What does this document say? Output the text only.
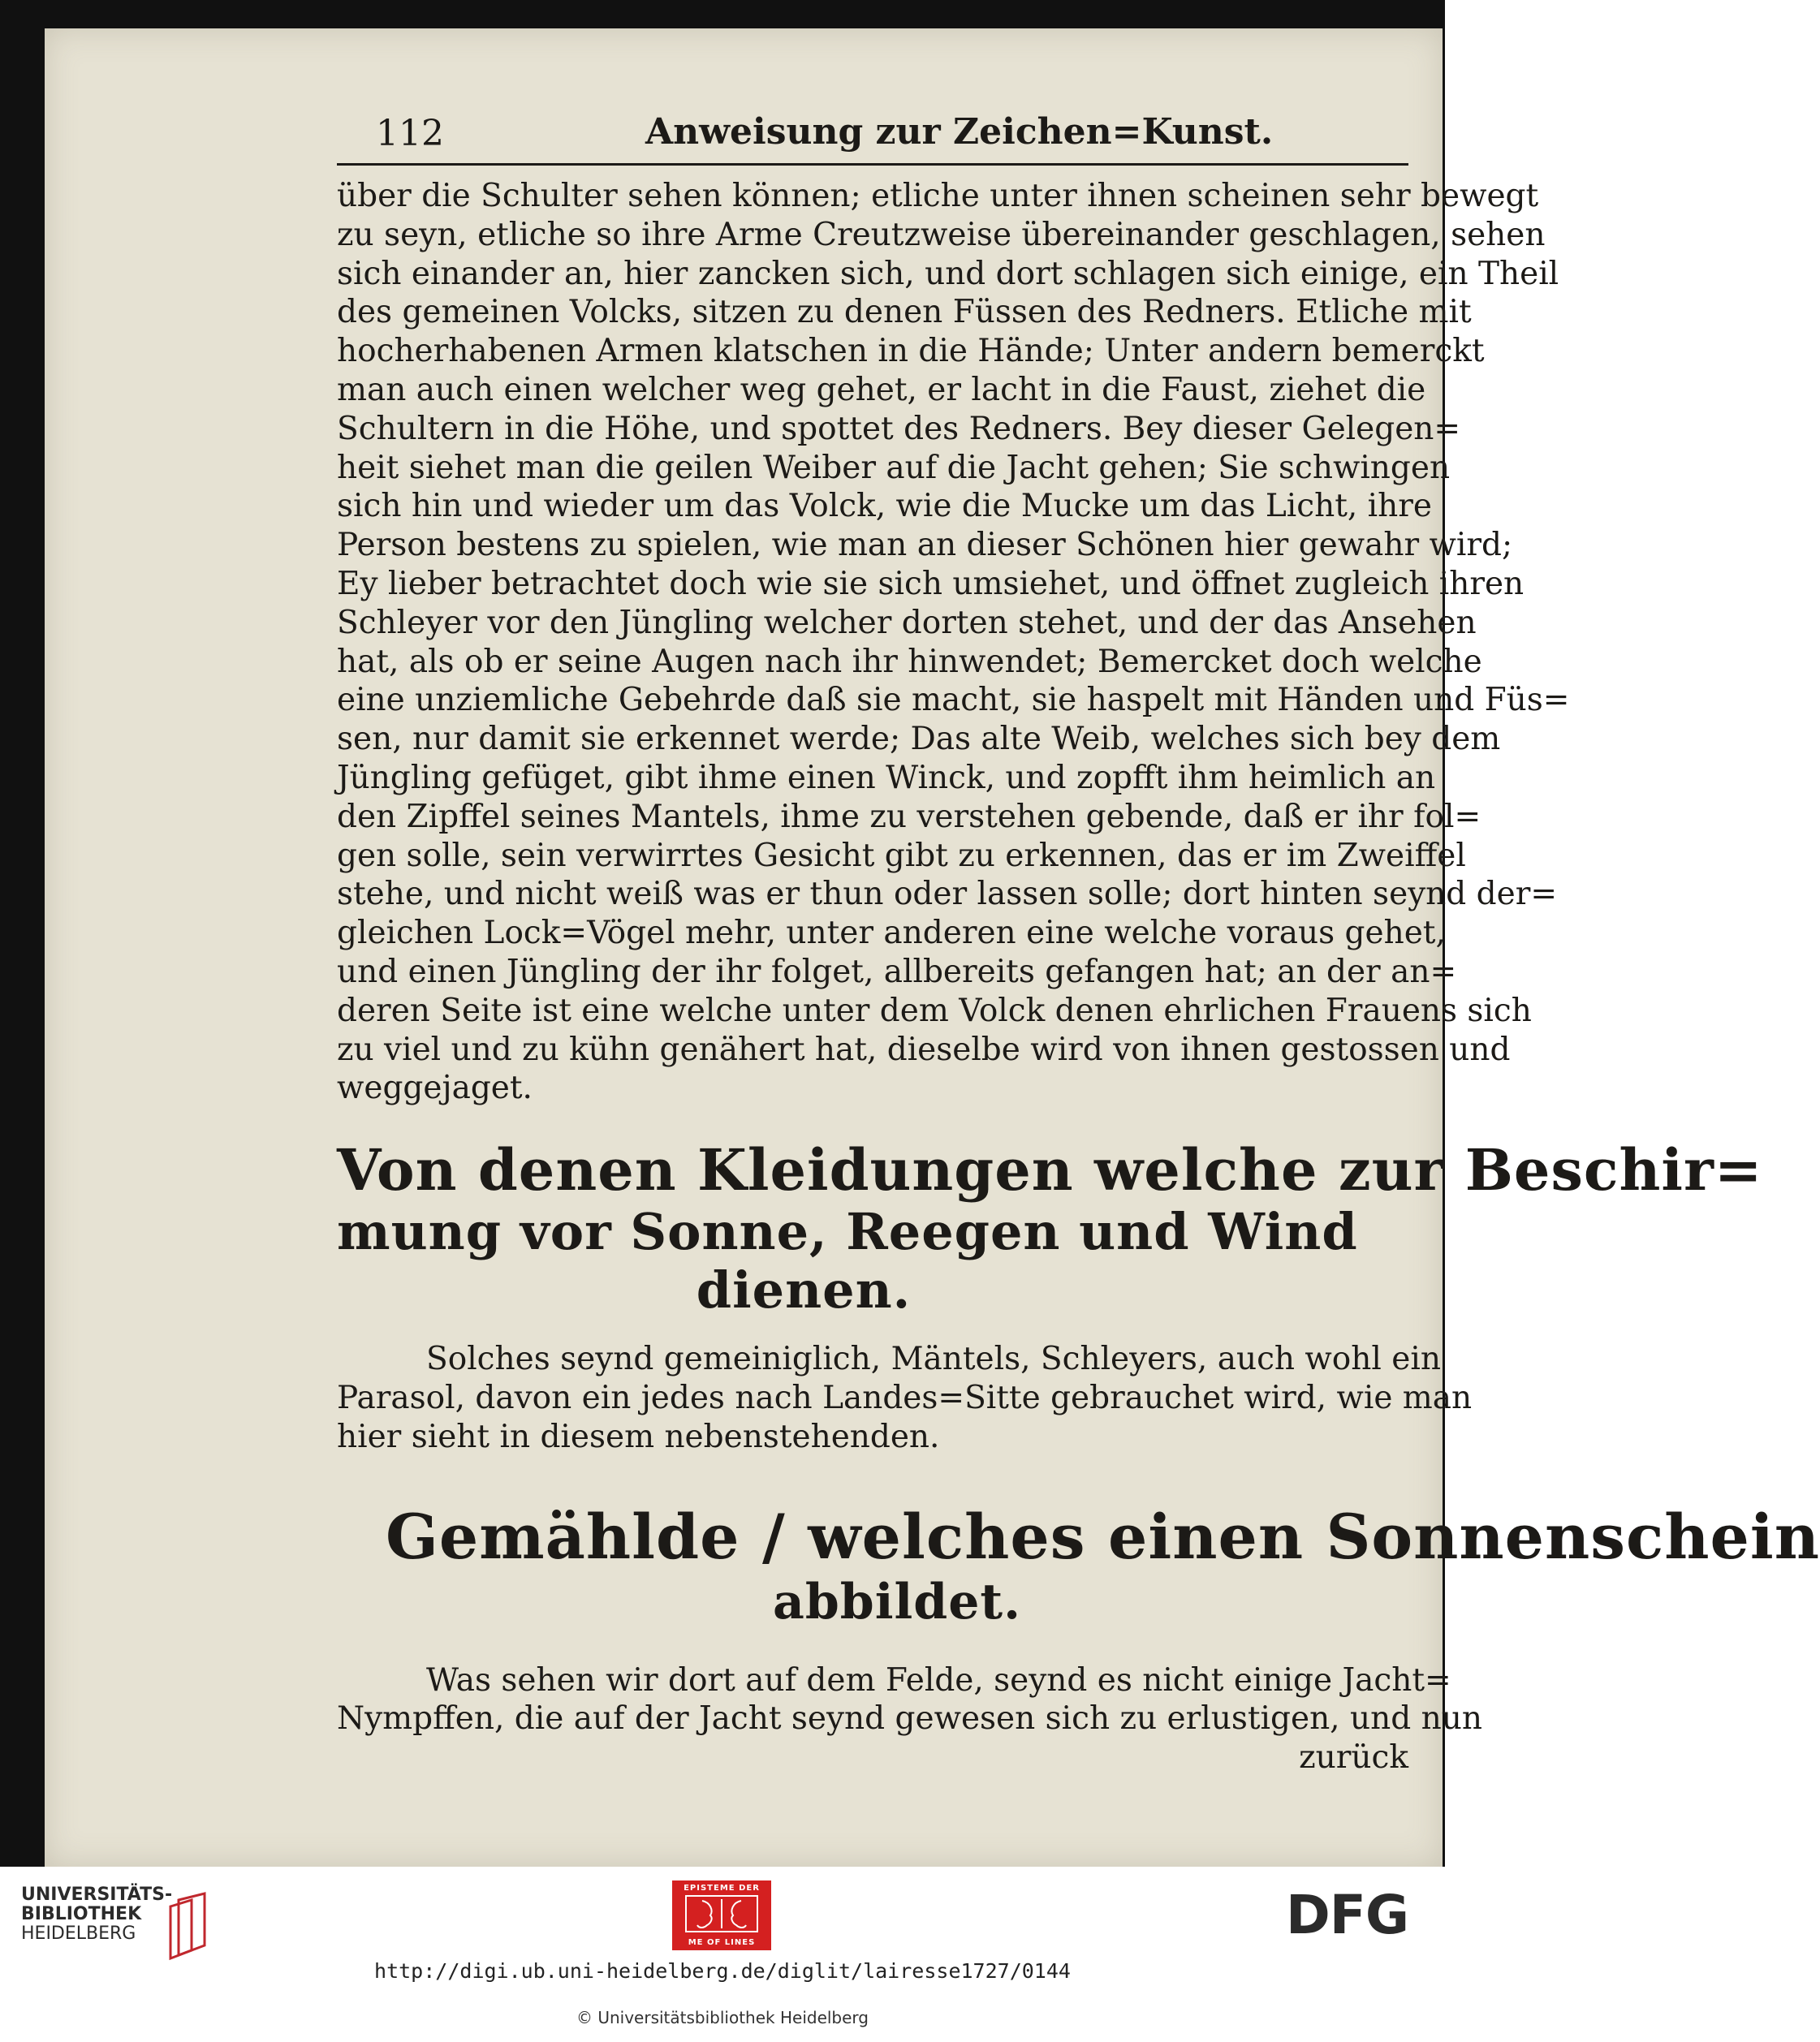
112	Anweisung zur Zeichen=Kunst.
über die Schulter sehen können; etliche unter ihnen scheinen sehr bewegt
zu seyn, etliche so ihre Arme Creutzweise übereinander geschlagen, sehen
sich einander an, hier zancken sich, und dort schlagen sich einige, ein Theil
des gemeinen Volcks, sitzen zu denen Füssen des Redners. Etliche mit
hocherhabenen Armen klatschen in die Hände; Unter andern bemerckt
man auch einen welcher weg gehet, er lacht in die Faust, ziehet die
Schultern in die Höhe, und spottet des Redners. Bey dieser Gelegen=
heit siehet man die geilen Weiber auf die Jacht gehen; Sie schwingen
sich hin und wieder um das Volck, wie die Mucke um das Licht, ihre
Person bestens zu spielen, wie man an dieser Schönen hier gewahr wird;
Ey lieber betrachtet doch wie sie sich umsiehet, und öffnet zugleich ihren
Schleyer vor den Jüngling welcher dorten stehet, und der das Ansehen
hat, als ob er seine Augen nach ihr hinwendet; Bemercket doch welche
eine unziemliche Gebehrde daß sie macht, sie haspelt mit Händen und Füs=
sen, nur damit sie erkennet werde; Das alte Weib, welches sich bey dem
Jüngling gefüget, gibt ihme einen Winck, und zopfft ihm heimlich an
den Zipffel seines Mantels, ihme zu verstehen gebende, daß er ihr fol=
gen solle, sein verwirrtes Gesicht gibt zu erkennen, das er im Zweiffel
stehe, und nicht weiß was er thun oder lassen solle; dort hinten seynd der=
gleichen Lock=Vögel mehr, unter anderen eine welche voraus gehet,
und einen Jüngling der ihr folget, allbereits gefangen hat; an der an=
deren Seite ist eine welche unter dem Volck denen ehrlichen Frauens sich
zu viel und zu kühn genähert hat, dieselbe wird von ihnen gestossen und
weggejaget.
Von denen Kleidungen welche zur Beschir=
mung vor Sonne, Reegen und Wind
dienen.
Solches seynd gemeiniglich, Mäntels, Schleyers, auch wohl ein
Parasol, davon ein jedes nach Landes=Sitte gebrauchet wird, wie man
hier sieht in diesem nebenstehenden.
Gemählde / welches einen Sonnenschein
abbildet.
Was sehen wir dort auf dem Felde, seynd es nicht einige Jacht=
Nympffen, die auf der Jacht seynd gewesen sich zu erlustigen, und nun
zurück
UNIVERSITÄTS-
BIBLIOTHEK
HEIDELBERG
EPISTEME DER
ME OF LINES	DFG
http://digi.ub.uni-heidelberg.de/diglit/lairesse1727/0144
© Universitätsbibliothek Heidelberg
